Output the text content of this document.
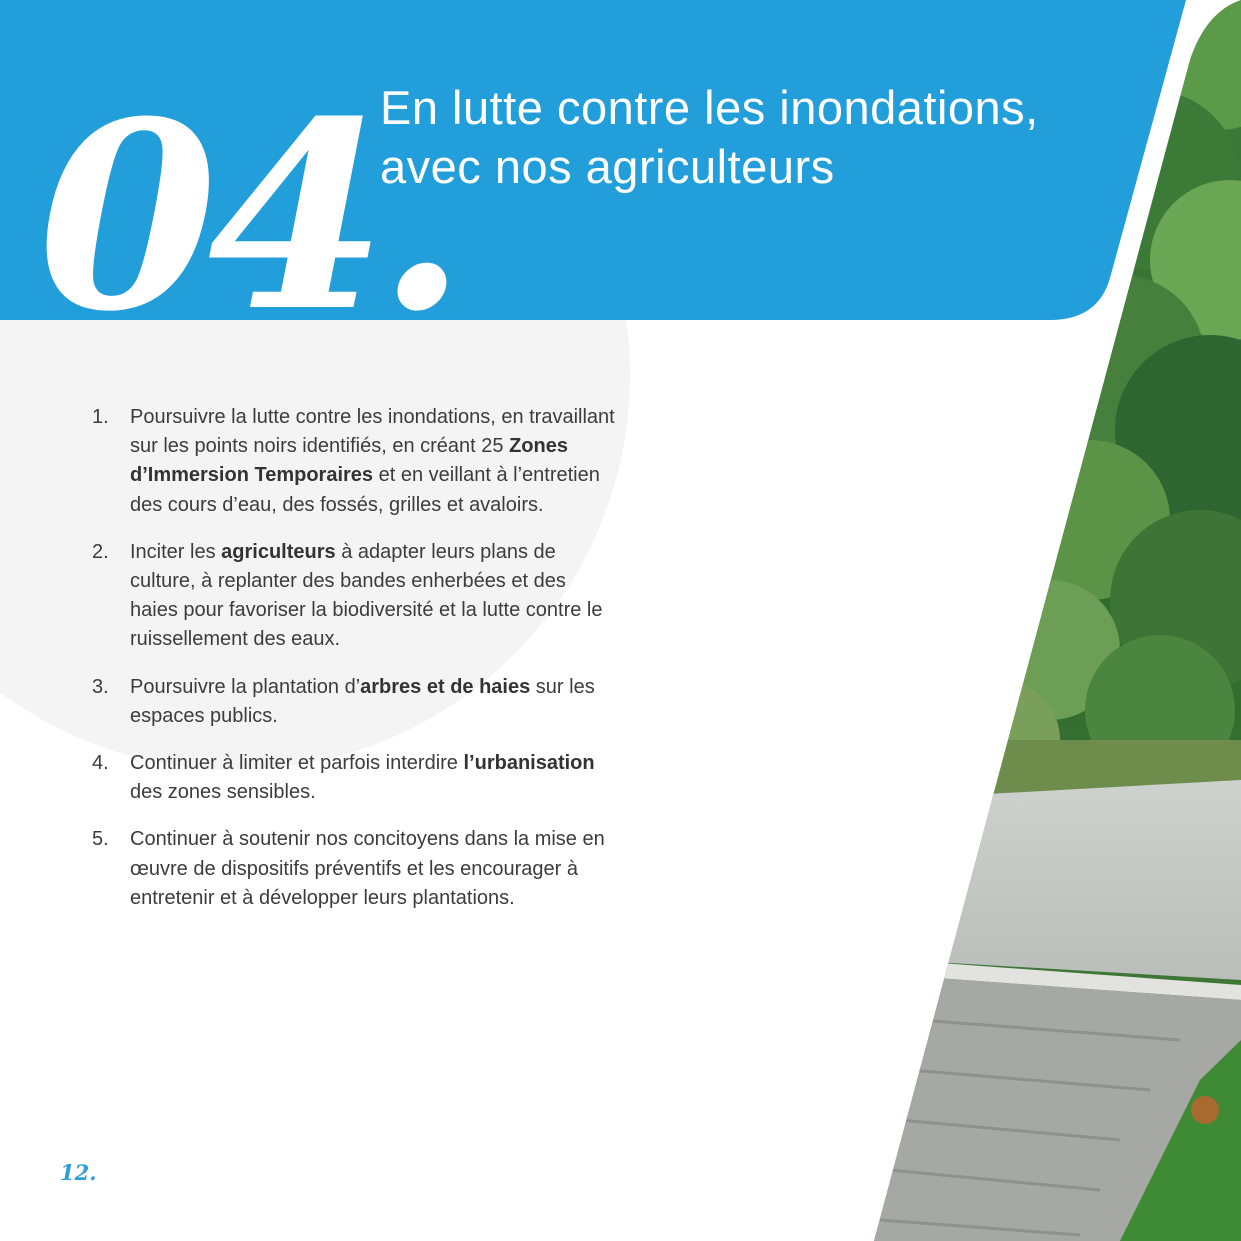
04.
En lutte contre les inondations,
avec nos agriculteurs
1. Poursuivre la lutte contre les inondations, en travaillant sur les points noirs identifiés, en créant 25 Zones d’Immersion Temporaires et en veillant à l’entretien des cours d’eau, des fossés, grilles et avaloirs.
2. Inciter les agriculteurs à adapter leurs plans de culture, à replanter des bandes enherbées et des haies pour favoriser la biodiversité et la lutte contre le ruissellement des eaux.
3. Poursuivre la plantation d’arbres et de haies sur les espaces publics.
4. Continuer à limiter et parfois interdire l’urbanisation des zones sensibles.
5. Continuer à soutenir nos concitoyens dans la mise en œuvre de dispositifs préventifs et les encourager à entretenir et à développer leurs plantations.
12.
